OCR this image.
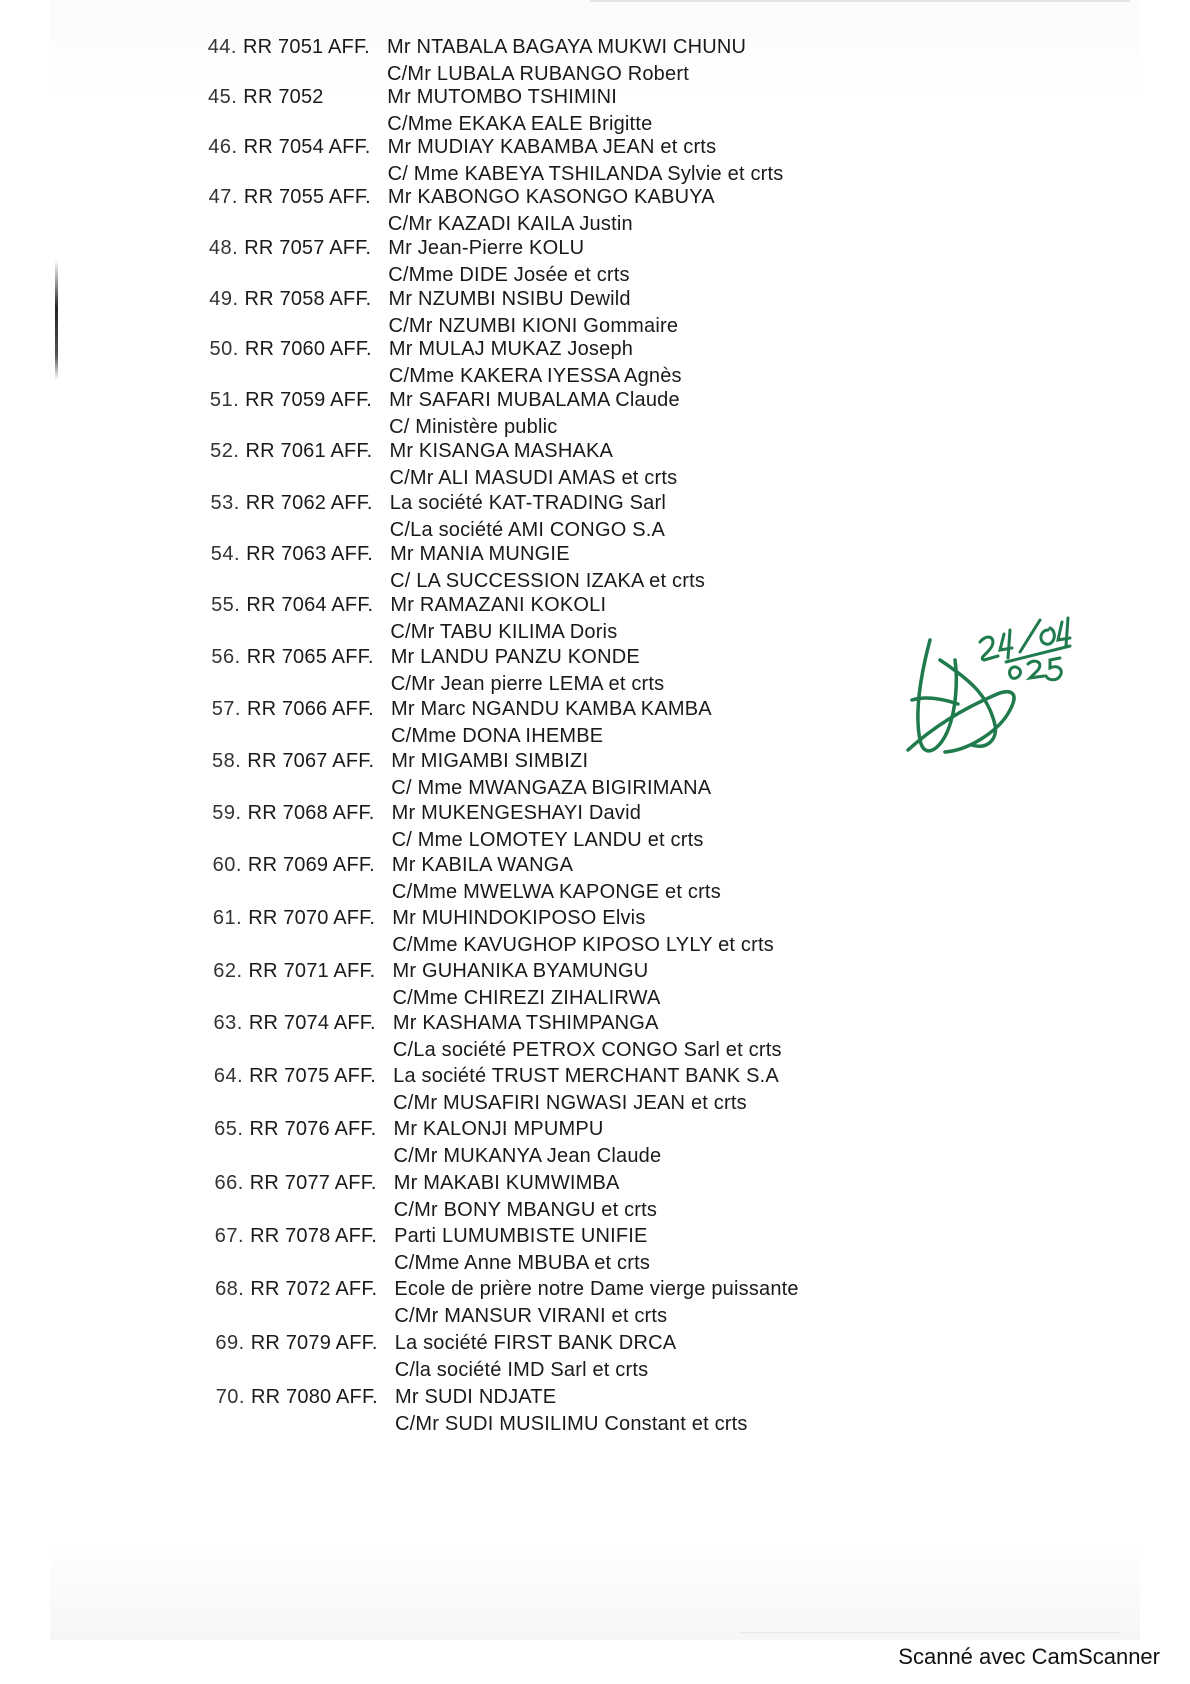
44. RR 7051 AFF. Mr NTABALA BAGAYA MUKWI CHUNU
C/Mr LUBALA RUBANGO Robert
45. RR 7052	Mr MUTOMBO TSHIMINI
C/Mme EKAKA EALE Brigitte
46. RR 7054 AFF. Mr MUDIAY KABAMBA JEAN et crts
C/ Mme KABEYA TSHILANDA Sylvie et crts
47. RR 7055 AFF. Mr KABONGO KASONGO KABUYA
C/Mr KAZADI KAILA Justin
48. RR 7057 AFF. Mr Jean-Pierre KOLU
C/Mme DIDE Josée et crts
49. RR 7058 AFF. Mr NZUMBI NSIBU Dewild
C/Mr NZUMBI KIONI Gommaire
50. RR 7060 AFF. Mr MULAJ MUKAZ Joseph
C/Mme KAKERA IYESSA Agnès
51. RR 7059 AFF. Mr SAFARI MUBALAMA Claude
C/ Ministère public
52. RR 7061 AFF. Mr KISANGA MASHAKA
C/Mr ALI MASUDI AMAS et crts
53. RR 7062 AFF. La société KAT-TRADING Sarl
C/La société AMI CONGO S.A
54. RR 7063 AFF. Mr MANIA MUNGIE
C/ LA SUCCESSION IZAKA et crts
55. RR 7064 AFF. Mr RAMAZANI KOKOLI
C/Mr TABU KILIMA Doris
56. RR 7065 AFF. Mr LANDU PANZU KONDE
C/Mr Jean pierre LEMA et crts
57. RR 7066 AFF. Mr Marc NGANDU KAMBA KAMBA
C/Mme DONA IHEMBE
58. RR 7067 AFF. Mr MIGAMBI SIMBIZI
C/ Mme MWANGAZA BIGIRIMANA
59. RR 7068 AFF. Mr MUKENGESHAYI David
C/ Mme LOMOTEY LANDU et crts
60. RR 7069 AFF. Mr KABILA WANGA
C/Mme MWELWA KAPONGE et crts
61. RR 7070 AFF. Mr MUHINDOKIPOSO Elvis
C/Mme KAVUGHOP KIPOSO LYLY et crts
62. RR 7071 AFF. Mr GUHANIKA BYAMUNGU
C/Mme CHIREZI ZIHALIRWA
63. RR 7074 AFF. Mr KASHAMA TSHIMPANGA
C/La société PETROX CONGO Sarl et crts
64. RR 7075 AFF. La société TRUST MERCHANT BANK S.A
C/Mr MUSAFIRI NGWASI JEAN et crts
65. RR 7076 AFF. Mr KALONJI MPUMPU
C/Mr MUKANYA Jean Claude
66. RR 7077 AFF. Mr MAKABI KUMWIMBA
C/Mr BONY MBANGU et crts
67. RR 7078 AFF. Parti LUMUMBISTE UNIFIE
C/Mme Anne MBUBA et crts
68. RR 7072 AFF. Ecole de prière notre Dame vierge puissante
C/Mr MANSUR VIRANI et crts
69. RR 7079 AFF. La société FIRST BANK DRCA
C/la société IMD Sarl et crts
70. RR 7080 AFF. Mr SUDI NDJATE
C/Mr SUDI MUSILIMU Constant et crts
Scanné avec CamScanner
